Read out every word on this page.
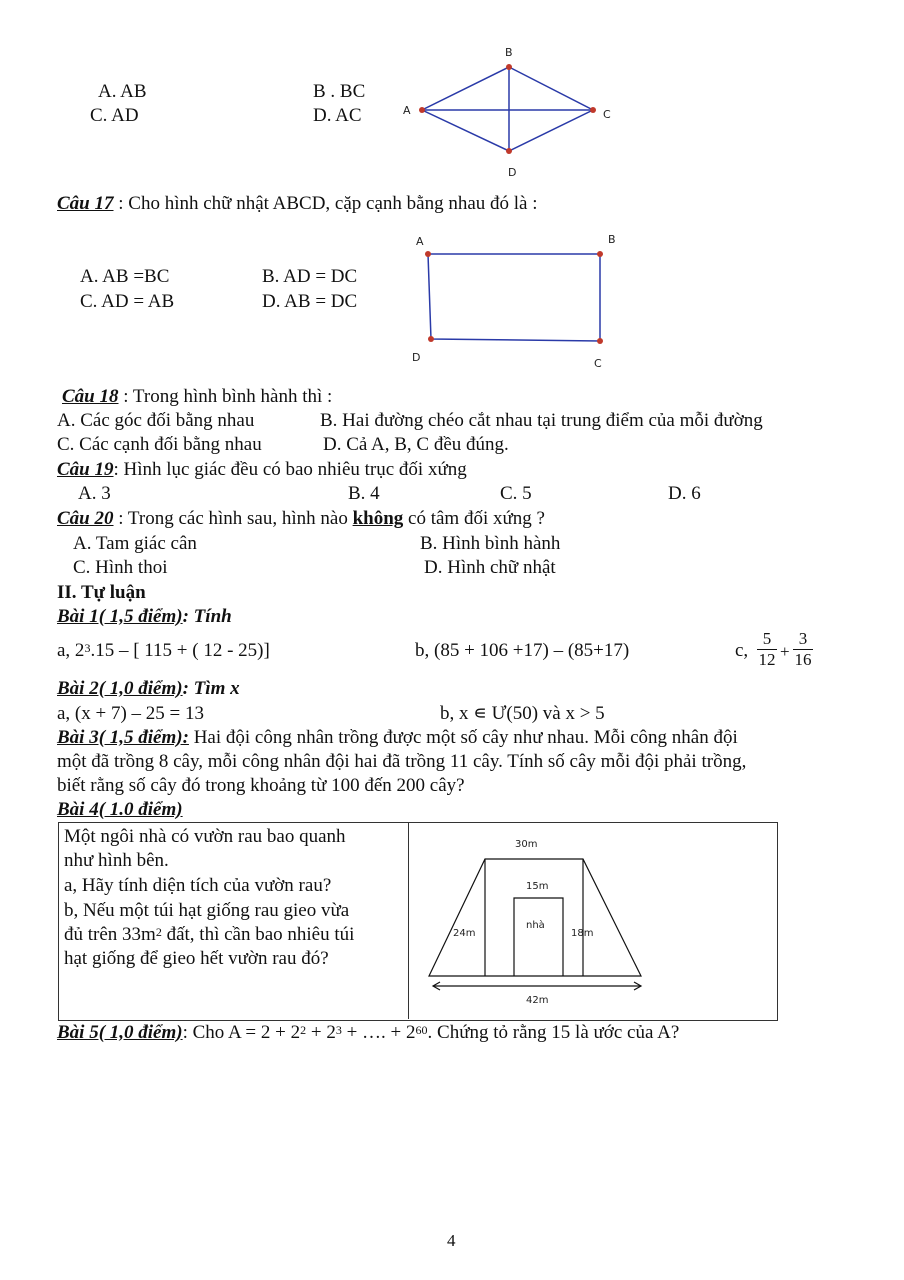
A. AB	B . BC
C. AD	D. AC
B
A	C
D
Câu 17 : Cho hình chữ nhật ABCD, cặp cạnh bằng nhau đó là :
A. AB =BC	B. AD = DC
C. AD = AB	D. AB = DC
A	B
D	C
Câu 18 : Trong hình bình hành thì :
A. Các góc đối bằng nhau	B. Hai đường chéo cắt nhau tại trung điểm của mỗi đường
C. Các cạnh đối bằng nhau	D. Cả A, B, C đều đúng.
Câu 19: Hình lục giác đều có bao nhiêu trục đối xứng
A. 3	B. 4	C. 5	D. 6
Câu 20 : Trong các hình sau, hình nào không có tâm đối xứng ?
A. Tam giác cân	B. Hình bình hành
C. Hình thoi	D. Hình chữ nhật
II. Tự luận
Bài 1( 1,5 điểm): Tính
a, $2^3.15$ – [ 115 + ( 12 - 25)]	b, (85 + 106 +17) – (85+17)	c, $\frac{5}{12} + \frac{3}{16}$
Bài 2( 1,0 điểm): Tìm x
a, (x + 7) – 25 = 13	b, x ∊ Ư(50) và x > 5
Bài 3( 1,5 điểm): Hai đội công nhân trồng được một số cây như nhau. Mỗi công nhân đội
một đã trồng 8 cây, mỗi công nhân đội hai đã trồng 11 cây. Tính số cây mỗi đội phải trồng,
biết rằng số cây đó trong khoảng từ 100 đến 200 cây?
Bài 4( 1.0 điểm)
Một ngôi nhà có vườn rau bao quanh
như hình bên.
a, Hãy tính diện tích của vườn rau?
b, Nếu một túi hạt giống rau gieo vừa
đủ trên $33m^2$ đất, thì cần bao nhiêu túi
hạt giống để gieo hết vườn rau đó?
30m
15m
nhà
24m	18m
42m
Bài 5( 1,0 điểm): Cho $A = 2 + 2^2 + 2^3$ + …. + $2^{60}$. Chứng tỏ rằng 15 là ước của A?
4
